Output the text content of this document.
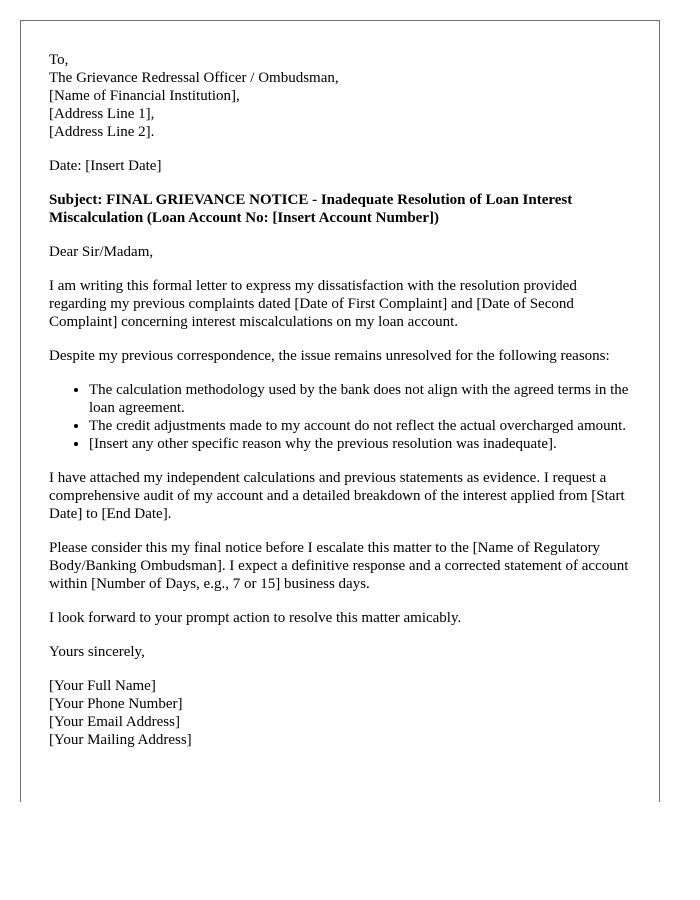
To,
The Grievance Redressal Officer / Ombudsman,
[Name of Financial Institution],
[Address Line 1],
[Address Line 2].

Date: [Insert Date]

Subject: FINAL GRIEVANCE NOTICE - Inadequate Resolution of Loan Interest Miscalculation (Loan Account No: [Insert Account Number])

Dear Sir/Madam,

I am writing this formal letter to express my dissatisfaction with the resolution provided regarding my previous complaints dated [Date of First Complaint] and [Date of Second Complaint] concerning interest miscalculations on my loan account.

Despite my previous correspondence, the issue remains unresolved for the following reasons:

• The calculation methodology used by the bank does not align with the agreed terms in the loan agreement.
• The credit adjustments made to my account do not reflect the actual overcharged amount.
• [Insert any other specific reason why the previous resolution was inadequate].

I have attached my independent calculations and previous statements as evidence. I request a comprehensive audit of my account and a detailed breakdown of the interest applied from [Start Date] to [End Date].

Please consider this my final notice before I escalate this matter to the [Name of Regulatory Body/Banking Ombudsman]. I expect a definitive response and a corrected statement of account within [Number of Days, e.g., 7 or 15] business days.

I look forward to your prompt action to resolve this matter amicably.

Yours sincerely,

[Your Full Name]
[Your Phone Number]
[Your Email Address]
[Your Mailing Address]
